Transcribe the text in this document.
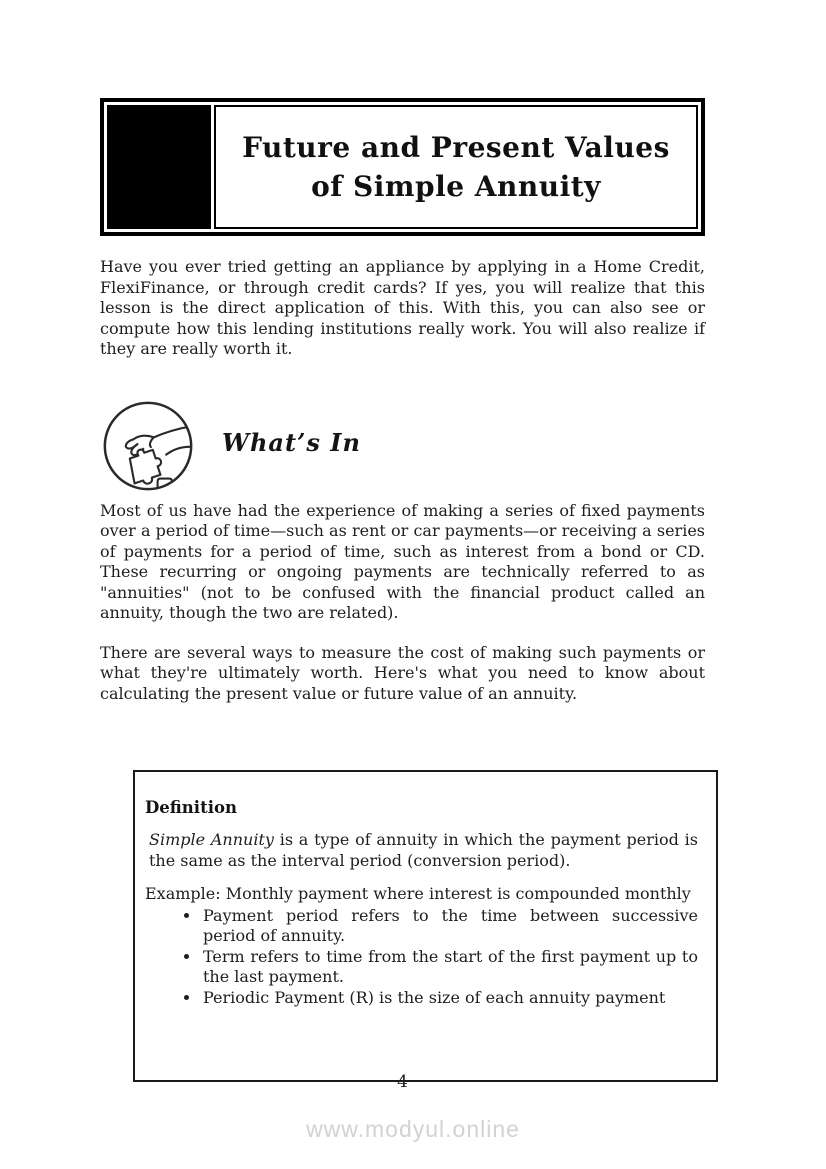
Future and Present Values
of Simple Annuity

Have you ever tried getting an appliance by applying in a Home Credit, FlexiFinance, or through credit cards? If yes, you will realize that this lesson is the direct application of this. With this, you can also see or compute how this lending institutions really work. You will also realize if they are really worth it.

What’s In

Most of us have had the experience of making a series of fixed payments over a period of time—such as rent or car payments—or receiving a series of payments for a period of time, such as interest from a bond or CD. These recurring or ongoing payments are technically referred to as "annuities" (not to be confused with the financial product called an annuity, though the two are related).

There are several ways to measure the cost of making such payments or what they're ultimately worth. Here's what you need to know about calculating the present value or future value of an annuity.

Definition

Simple Annuity is a type of annuity in which the payment period is the same as the interval period (conversion period).

Example: Monthly payment where interest is compounded monthly

• Payment period refers to the time between successive period of annuity.
• Term refers to time from the start of the first payment up to the last payment.
• Periodic Payment (R) is the size of each annuity payment
4
www.modyul.online
